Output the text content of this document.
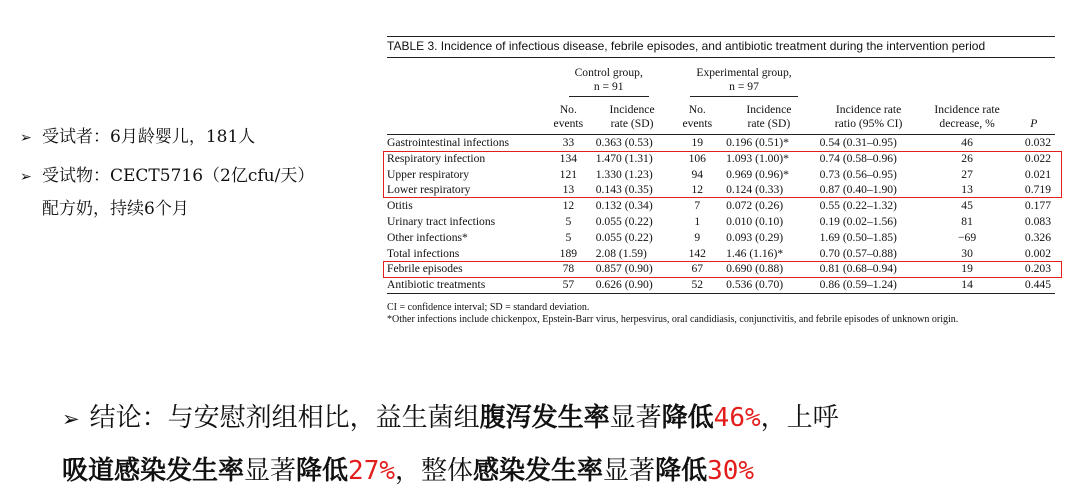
➢ 受试者：6月龄婴儿，181人
➢ 受试物：CECT5716（2亿cfu/天）
配方奶，持续6个月
TABLE 3. Incidence of infectious disease, febrile episodes, and antibiotic treatment during the intervention period
	Control group,
n = 91		Experimental group,
n = 97				
	No.
events	Incidence
rate (SD)	No.
events	Incidence
rate (SD)	Incidence rate
ratio (95% CI)	Incidence rate
decrease, %	P
Gastrointestinal infections	33	0.363 (0.53)	19	0.196 (0.51)*	0.54 (0.31–0.95)	46	0.032
Respiratory infection	134	1.470 (1.31)	106	1.093 (1.00)*	0.74 (0.58–0.96)	26	0.022
Upper respiratory	121	1.330 (1.23)	94	0.969 (0.96)*	0.73 (0.56–0.95)	27	0.021
Lower respiratory	13	0.143 (0.35)	12	0.124 (0.33)	0.87 (0.40–1.90)	13	0.719
Otitis	12	0.132 (0.34)	7	0.072 (0.26)	0.55 (0.22–1.32)	45	0.177
Urinary tract infections	5	0.055 (0.22)	1	0.010 (0.10)	0.19 (0.02–1.56)	81	0.083
Other infections*	5	0.055 (0.22)	9	0.093 (0.29)	1.69 (0.50–1.85)	−69	0.326
Total infections	189	2.08 (1.59)	142	1.46 (1.16)*	0.70 (0.57–0.88)	30	0.002
Febrile episodes	78	0.857 (0.90)	67	0.690 (0.88)	0.81 (0.68–0.94)	19	0.203
Antibiotic treatments	57	0.626 (0.90)	52	0.536 (0.70)	0.86 (0.59–1.24)	14	0.445
CI = confidence interval; SD = standard deviation.
*Other infections include chickenpox, Epstein-Barr virus, herpesvirus, oral candidiasis, conjunctivitis, and febrile episodes of unknown origin.
➢ 结论：与安慰剂组相比，益生菌组腹泻发生率显著降低46%，上呼
吸道感染发生率显著降低27%，整体感染发生率显著降低30%
